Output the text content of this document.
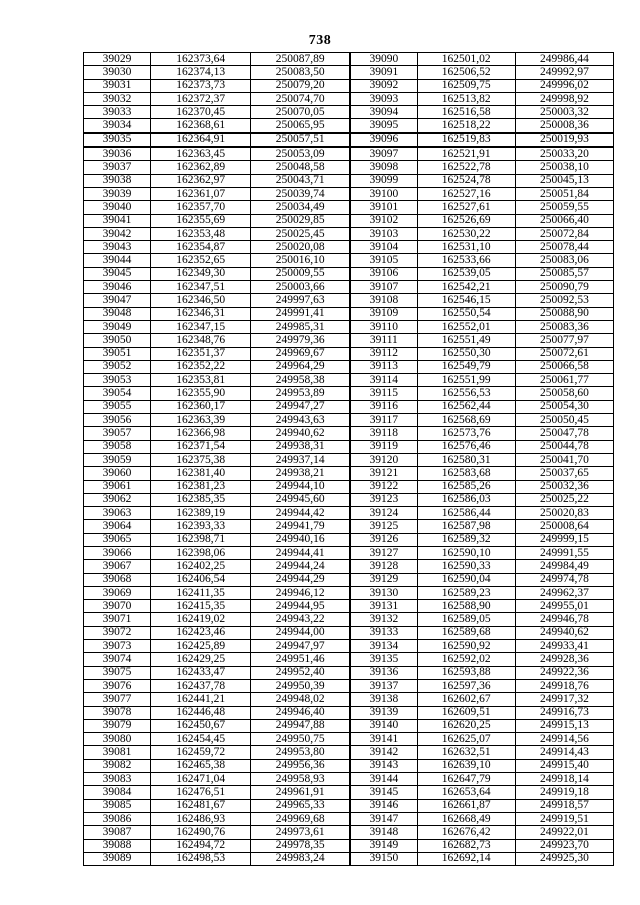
738
39029	162373,64	250087,89	39090	162501,02	249986,44
39030	162374,13	250083,50	39091	162506,52	249992,97
39031	162373,73	250079,20	39092	162509,75	249996,02
39032	162372,37	250074,70	39093	162513,82	249998,92
39033	162370,45	250070,05	39094	162516,58	250003,32
39034	162368,61	250065,95	39095	162518,22	250008,36
39035	162364,91	250057,51	39096	162519,83	250019,93
39036	162363,45	250053,09	39097	162521,91	250033,20
39037	162362,89	250048,58	39098	162522,78	250038,10
39038	162362,97	250043,71	39099	162524,78	250045,13
39039	162361,07	250039,74	39100	162527,16	250051,84
39040	162357,70	250034,49	39101	162527,61	250059,55
39041	162355,69	250029,85	39102	162526,69	250066,40
39042	162353,48	250025,45	39103	162530,22	250072,84
39043	162354,87	250020,08	39104	162531,10	250078,44
39044	162352,65	250016,10	39105	162533,66	250083,06
39045	162349,30	250009,55	39106	162539,05	250085,57
39046	162347,51	250003,66	39107	162542,21	250090,79
39047	162346,50	249997,63	39108	162546,15	250092,53
39048	162346,31	249991,41	39109	162550,54	250088,90
39049	162347,15	249985,31	39110	162552,01	250083,36
39050	162348,76	249979,36	39111	162551,49	250077,97
39051	162351,37	249969,67	39112	162550,30	250072,61
39052	162352,22	249964,29	39113	162549,79	250066,58
39053	162353,81	249958,38	39114	162551,99	250061,77
39054	162355,90	249953,89	39115	162556,53	250058,60
39055	162360,17	249947,27	39116	162562,44	250054,30
39056	162363,39	249943,63	39117	162568,69	250050,45
39057	162366,98	249940,62	39118	162573,76	250047,78
39058	162371,54	249938,31	39119	162576,46	250044,78
39059	162375,38	249937,14	39120	162580,31	250041,70
39060	162381,40	249938,21	39121	162583,68	250037,65
39061	162381,23	249944,10	39122	162585,26	250032,36
39062	162385,35	249945,60	39123	162586,03	250025,22
39063	162389,19	249944,42	39124	162586,44	250020,83
39064	162393,33	249941,79	39125	162587,98	250008,64
39065	162398,71	249940,16	39126	162589,32	249999,15
39066	162398,06	249944,41	39127	162590,10	249991,55
39067	162402,25	249944,24	39128	162590,33	249984,49
39068	162406,54	249944,29	39129	162590,04	249974,78
39069	162411,35	249946,12	39130	162589,23	249962,37
39070	162415,35	249944,95	39131	162588,90	249955,01
39071	162419,02	249943,22	39132	162589,05	249946,78
39072	162423,46	249944,00	39133	162589,68	249940,62
39073	162425,89	249947,97	39134	162590,92	249933,41
39074	162429,25	249951,46	39135	162592,02	249928,36
39075	162433,47	249952,40	39136	162593,88	249922,36
39076	162437,78	249950,39	39137	162597,36	249918,76
39077	162441,21	249948,02	39138	162602,67	249917,32
39078	162446,48	249946,40	39139	162609,51	249916,73
39079	162450,67	249947,88	39140	162620,25	249915,13
39080	162454,45	249950,75	39141	162625,07	249914,56
39081	162459,72	249953,80	39142	162632,51	249914,43
39082	162465,38	249956,36	39143	162639,10	249915,40
39083	162471,04	249958,93	39144	162647,79	249918,14
39084	162476,51	249961,91	39145	162653,64	249919,18
39085	162481,67	249965,33	39146	162661,87	249918,57
39086	162486,93	249969,68	39147	162668,49	249919,51
39087	162490,76	249973,61	39148	162676,42	249922,01
39088	162494,72	249978,35	39149	162682,73	249923,70
39089	162498,53	249983,24	39150	162692,14	249925,30
